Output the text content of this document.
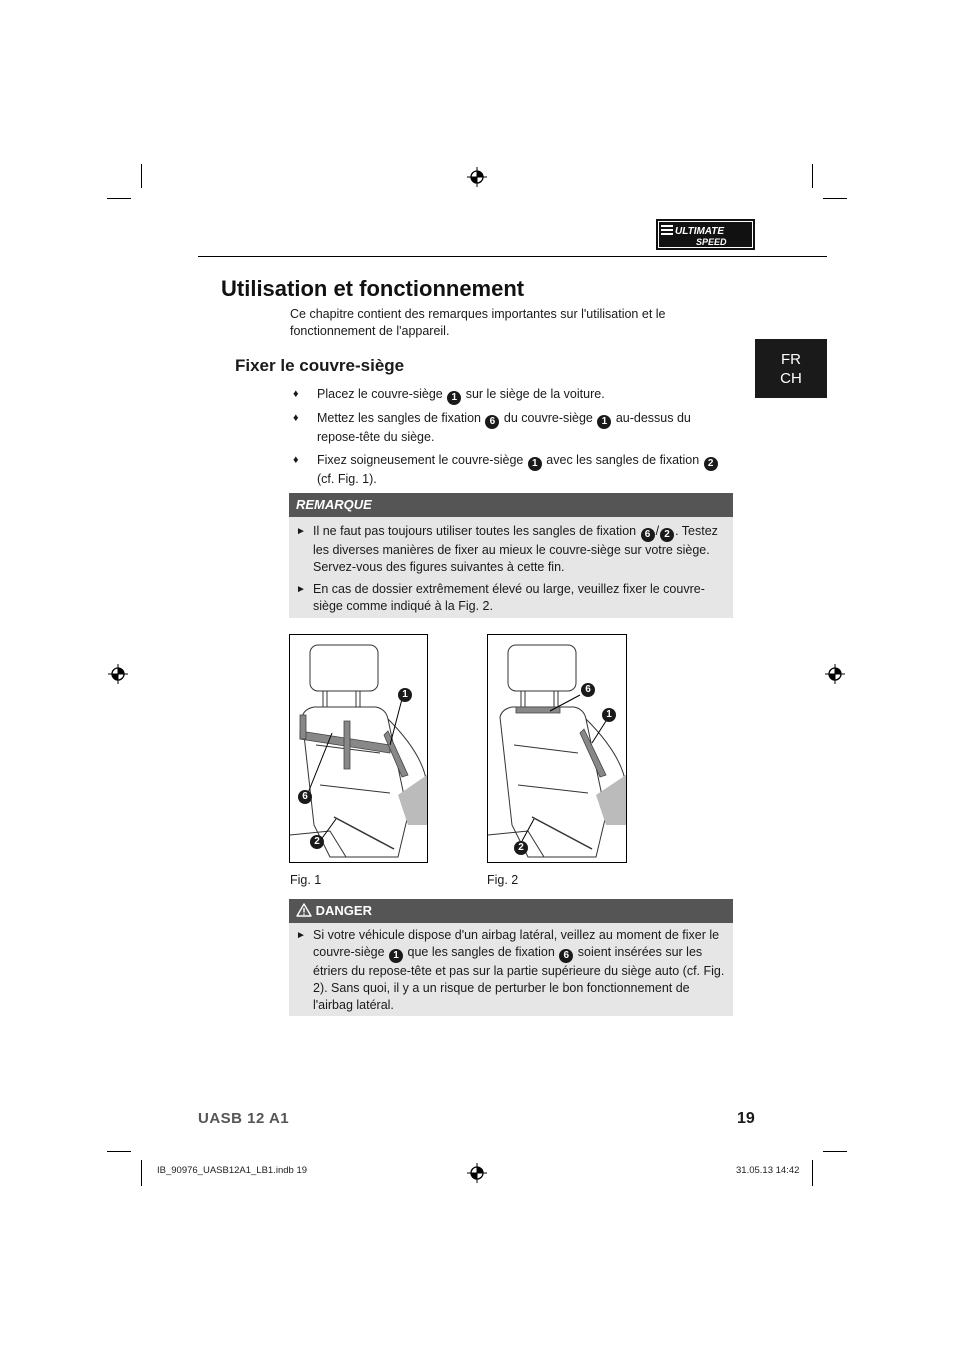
ULTIMATE
SPEED
Utilisation et fonctionnement
Ce chapitre contient des remarques importantes sur l'utilisation et le fonctionnement de l'appareil.
FR
CH
Fixer le couvre-siège
♦ Placez le couvre-siège 1 sur le siège de la voiture.
♦ Mettez les sangles de fixation 6 du couvre-siège 1 au-dessus du repose-tête du siège.
♦ Fixez soigneusement le couvre-siège 1 avec les sangles de fixation 2 (cf. Fig. 1).
REMARQUE
► Il ne faut pas toujours utiliser toutes les sangles de fixation 6 / 2 . Testez les diverses manières de fixer au mieux le couvre-siège sur votre siège. Servez-vous des figures suivantes à cette fin.
► En cas de dossier extrêmement élevé ou large, veuillez fixer le couvre-siège comme indiqué à la Fig. 2.
1
6
2
Fig. 1
6
1
2
Fig. 2
DANGER
► Si votre véhicule dispose d'un airbag latéral, veillez au moment de fixer le couvre-siège 1 que les sangles de fixation 6 soient insérées sur les étriers du repose-tête et pas sur la partie supérieure du siège auto (cf. Fig. 2). Sans quoi, il y a un risque de perturber le bon fonctionnement de l'airbag latéral.
UASB 12 A1	19
IB_90976_UASB12A1_LB1.indb 19	31.05.13 14:42
